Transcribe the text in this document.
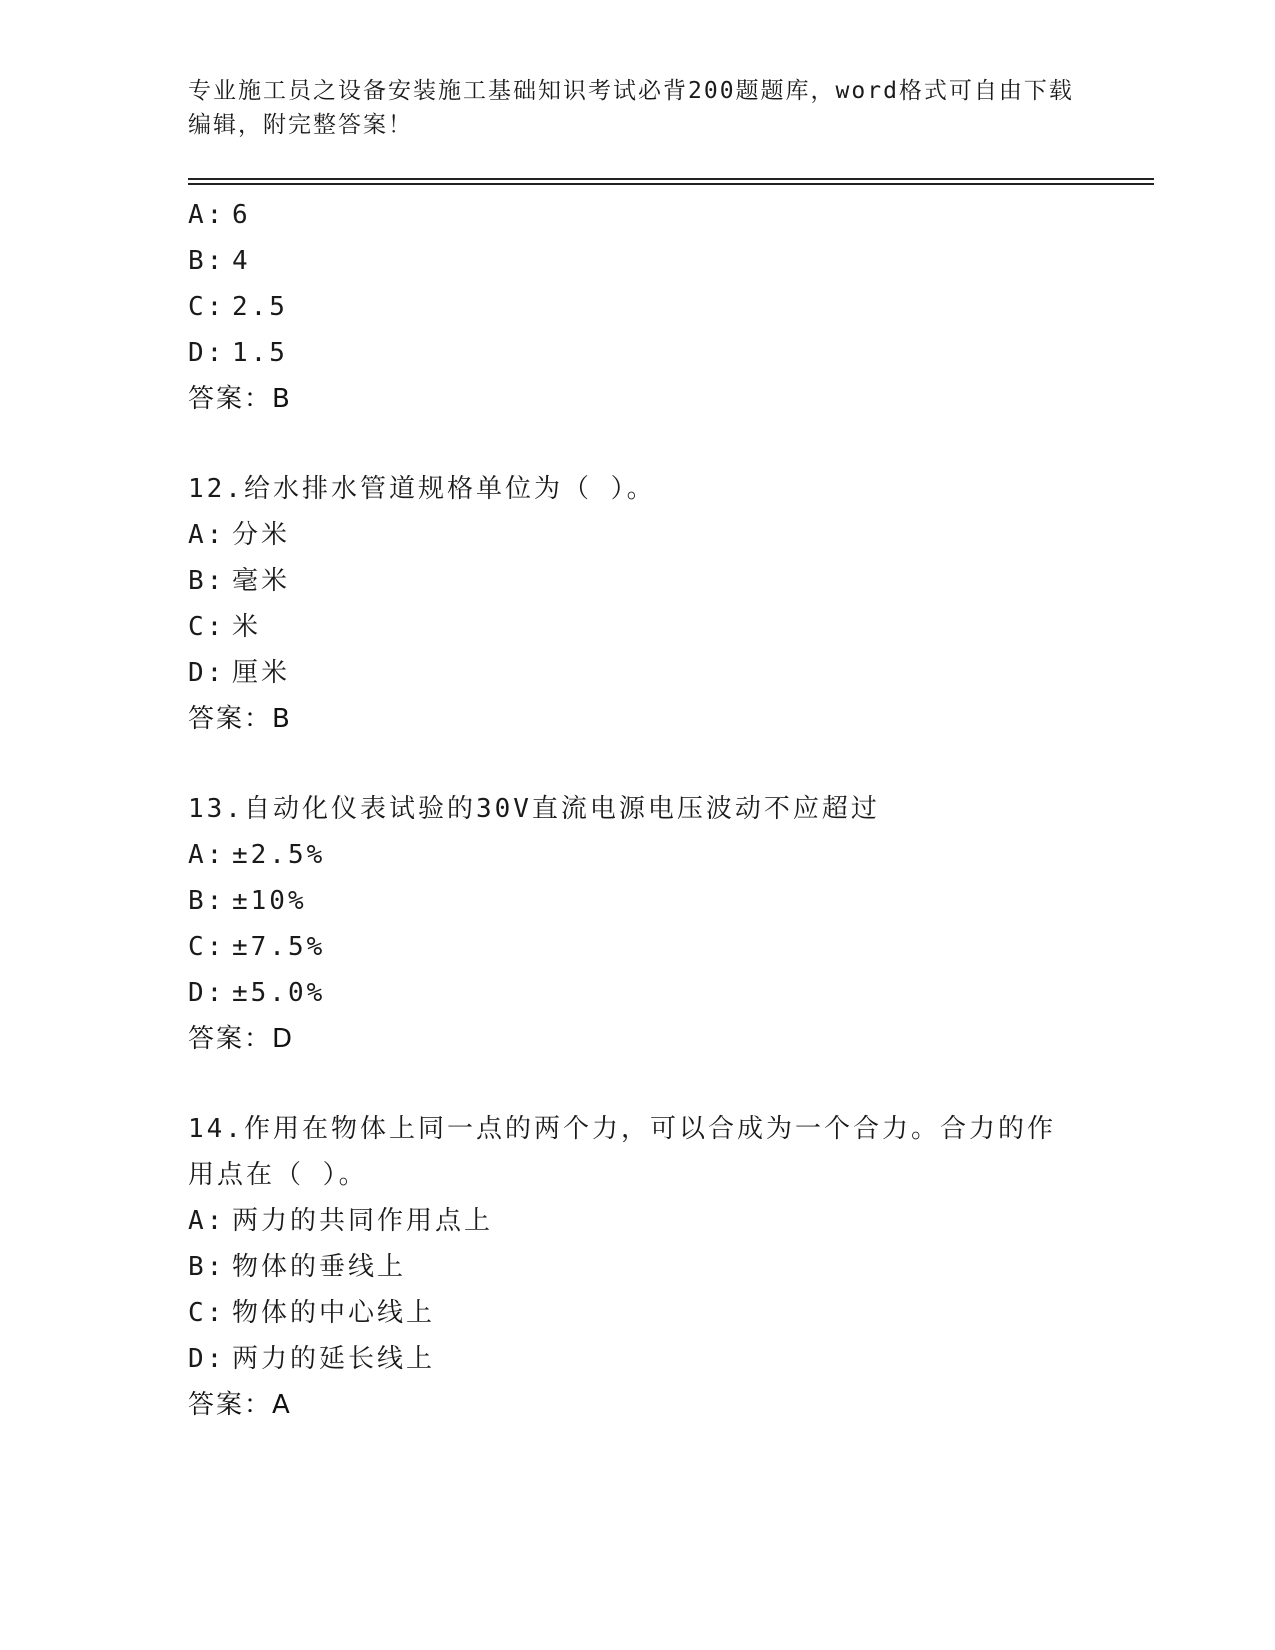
专业施工员之设备安装施工基础知识考试必背200题题库，word格式可自由下载编辑，附完整答案！
A: 6
B: 4
C: 2.5
D: 1.5
答案：B
12.给水排水管道规格单位为（ ）。
A: 分米
B: 毫米
C: 米
D: 厘米
答案：B
13.自动化仪表试验的30V直流电源电压波动不应超过
A: ±2.5%
B: ±10%
C: ±7.5%
D: ±5.0%
答案：D
14.作用在物体上同一点的两个力，可以合成为一个合力。合力的作用点在（ ）。
A: 两力的共同作用点上
B: 物体的垂线上
C: 物体的中心线上
D: 两力的延长线上
答案：A
